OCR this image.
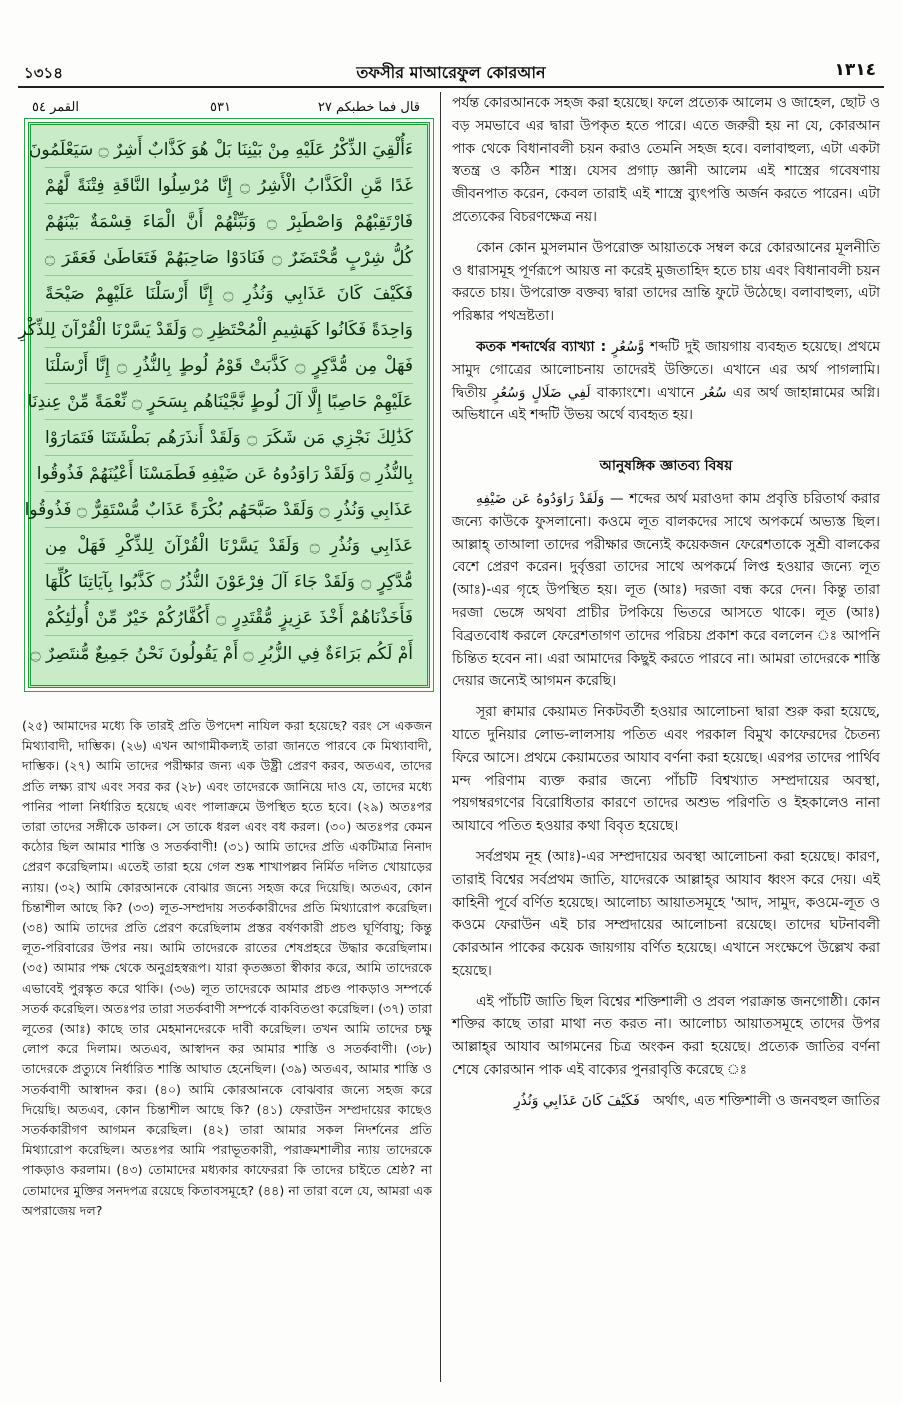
১৩১৪	তফসীর মাআরেফুল কোরআন	١٣١٤
القمر ٥٤	٥٣١	قال فما خطبكم ٢٧
ءَأُلْقِيَ الذِّكْرُ عَلَيْهِ مِنْ بَيْنِنَا بَلْ هُوَ كَذَّابٌ أَشِرٌ ۝ سَيَعْلَمُونَ
غَدًا مَّنِ الْكَذَّابُ الْأَشِرُ ۝ إِنَّا مُرْسِلُوا النَّاقَةِ فِتْنَةً لَّهُمْ
فَارْتَقِبْهُمْ وَاصْطَبِرْ ۝ وَنَبِّئْهُمْ أَنَّ الْمَاءَ قِسْمَةٌ بَيْنَهُمْ
كُلُّ شِرْبٍ مُّحْتَضَرٌ ۝ فَنَادَوْا صَاحِبَهُمْ فَتَعَاطَىٰ فَعَقَرَ ۝
فَكَيْفَ كَانَ عَذَابِي وَنُذُرِ ۝ إِنَّا أَرْسَلْنَا عَلَيْهِمْ صَيْحَةً
وَاحِدَةً فَكَانُوا كَهَشِيمِ الْمُحْتَظِرِ ۝ وَلَقَدْ يَسَّرْنَا الْقُرْآنَ لِلذِّكْرِ
فَهَلْ مِن مُّدَّكِرٍ ۝ كَذَّبَتْ قَوْمُ لُوطٍ بِالنُّذُرِ ۝ إِنَّا أَرْسَلْنَا
عَلَيْهِمْ حَاصِبًا إِلَّا آلَ لُوطٍ نَّجَّيْنَاهُم بِسَحَرٍ ۝ نِّعْمَةً مِّنْ عِندِنَا
كَذَٰلِكَ نَجْزِي مَن شَكَرَ ۝ وَلَقَدْ أَنذَرَهُم بَطْشَتَنَا فَتَمَارَوْا
بِالنُّذُرِ ۝ وَلَقَدْ رَاوَدُوهُ عَن ضَيْفِهِ فَطَمَسْنَا أَعْيُنَهُمْ فَذُوقُوا
عَذَابِي وَنُذُرِ ۝ وَلَقَدْ صَبَّحَهُم بُكْرَةً عَذَابٌ مُّسْتَقِرٌّ ۝ فَذُوقُوا
عَذَابِي وَنُذُرِ ۝ وَلَقَدْ يَسَّرْنَا الْقُرْآنَ لِلذِّكْرِ فَهَلْ مِن
مُّدَّكِرٍ ۝ وَلَقَدْ جَاءَ آلَ فِرْعَوْنَ النُّذُرُ ۝ كَذَّبُوا بِآيَاتِنَا كُلِّهَا
فَأَخَذْنَاهُمْ أَخْذَ عَزِيزٍ مُّقْتَدِرٍ ۝ أَكُفَّارُكُمْ خَيْرٌ مِّنْ أُولَٰئِكُمْ
أَمْ لَكُم بَرَاءَةٌ فِي الزُّبُرِ ۝ أَمْ يَقُولُونَ نَحْنُ جَمِيعٌ مُّنتَصِرٌ ۝

(২৫) আমাদের মধ্যে কি তারই প্রতি উপদেশ নাযিল করা হয়েছে? বরং সে একজন মিথ্যাবাদী, দাম্ভিক। (২৬) এখন আগামীকল্যই তারা জানতে পারবে কে মিথ্যাবাদী, দাম্ভিক। (২৭) আমি তাদের পরীক্ষার জন্য এক উষ্ট্রী প্রেরণ করব, অতএব, তাদের প্রতি লক্ষ্য রাখ এবং সবর কর (২৮) এবং তাদেরকে জানিয়ে দাও যে, তাদের মধ্যে পানির পালা নির্ধারিত হয়েছে এবং পালাক্রমে উপস্থিত হতে হবে। (২৯) অতঃপর তারা তাদের সঙ্গীকে ডাকল। সে তাকে ধরল এবং বধ করল। (৩০) অতঃপর কেমন কঠোর ছিল আমার শাস্তি ও সতর্কবাণী! (৩১) আমি তাদের প্রতি একটিমাত্র নিনাদ প্রেরণ করেছিলাম। এতেই তারা হয়ে গেল শুষ্ক শাখাপল্লব নির্মিত দলিত খোয়াড়ের ন্যায়। (৩২) আমি কোরআনকে বোঝার জন্যে সহজ করে দিয়েছি। অতএব, কোন চিন্তাশীল আছে কি? (৩৩) লূত-সম্প্রদায় সতর্ককারীদের প্রতি মিথ্যারোপ করেছিল। (৩৪) আমি তাদের প্রতি প্রেরণ করেছিলাম প্রস্তর বর্ষণকারী প্রচণ্ড ঘূর্ণিবায়ু; কিন্তু লূত-পরিবারের উপর নয়। আমি তাদেরকে রাতের শেষপ্রহরে উদ্ধার করেছিলাম। (৩৫) আমার পক্ষ থেকে অনুগ্রহস্বরূপ। যারা কৃতজ্ঞতা স্বীকার করে, আমি তাদেরকে এভাবেই পুরস্কৃত করে থাকি। (৩৬) লূত তাদেরকে আমার প্রচণ্ড পাকড়াও সম্পর্কে সতর্ক করেছিল। অতঃপর তারা সতর্কবাণী সম্পর্কে বাকবিতণ্ডা করেছিল। (৩৭) তারা লূতের (আঃ) কাছে তার মেহমানদেরকে দাবী করেছিল। তখন আমি তাদের চক্ষু লোপ করে দিলাম। অতএব, আস্বাদন কর আমার শাস্তি ও সতর্কবাণী। (৩৮) তাদেরকে প্রত্যুষে নির্ধারিত শাস্তি আঘাত হেনেছিল। (৩৯) অতএব, আমার শাস্তি ও সতর্কবাণী আস্বাদন কর। (৪০) আমি কোরআনকে বোঝবার জন্যে সহজ করে দিয়েছি। অতএব, কোন চিন্তাশীল আছে কি? (৪১) ফেরাউন সম্প্রদায়ের কাছেও সতর্ককারীগণ আগমন করেছিল। (৪২) তারা আমার সকল নিদর্শনের প্রতি মিথ্যারোপ করেছিল। অতঃপর আমি পরাভূতকারী, পরাক্রমশালীর ন্যায় তাদেরকে পাকড়াও করলাম। (৪৩) তোমাদের মধ্যকার কাফেররা কি তাদের চাইতে শ্রেষ্ঠ? না তোমাদের মুক্তির সনদপত্র রয়েছে কিতাবসমূহে? (৪৪) না তারা বলে যে, আমরা এক অপরাজেয় দল?

পর্যন্ত কোরআনকে সহজ করা হয়েছে। ফলে প্রত্যেক আলেম ও জাহেল, ছোট ও বড় সমভাবে এর দ্বারা উপকৃত হতে পারে। এতে জরুরী হয় না যে, কোরআন পাক থেকে বিধানাবলী চয়ন করাও তেমনি সহজ হবে। বলাবাহুল্য, এটা একটা স্বতন্ত্র ও কঠিন শাস্ত্র। যেসব প্রগাঢ় জ্ঞানী আলেম এই শাস্ত্রের গবেষণায় জীবনপাত করেন, কেবল তারাই এই শাস্ত্রে ব্যুৎপত্তি অর্জন করতে পারেন। এটা প্রত্যেকের বিচরণক্ষেত্র নয়।

কোন কোন মুসলমান উপরোক্ত আয়াতকে সম্বল করে কোরআনের মূলনীতি ও ধারাসমূহ পূর্ণরূপে আয়ত্ত না করেই মুজতাহিদ হতে চায় এবং বিধানাবলী চয়ন করতে চায়। উপরোক্ত বক্তব্য দ্বারা তাদের ভ্রান্তি ফুটে উঠেছে। বলাবাহুল্য, এটা পরিষ্কার পথভ্রষ্টতা।

কতক শব্দার্থের ব্যাখ্যা : وَّسُعُرٍ শব্দটি দুই জায়গায় ব্যবহৃত হয়েছে। প্রথমে সামুদ গোত্রের আলোচনায় তাদেরই উক্তিতে। এখানে এর অর্থ পাগলামি। দ্বিতীয় لَفِي ضَلَالٍ وَسُعُرٍ বাক্যাংশে। এখানে سُعُر এর অর্থ জাহান্নামের অগ্নি। অভিধানে এই শব্দটি উভয় অর্থে ব্যবহৃত হয়।

আনুষঙ্গিক জ্ঞাতব্য বিষয়

وَلَقَدْ رَاوَدُوهُ عَن ضَيْفِهِ — শব্দের অর্থ মরাওদা কাম প্রবৃত্তি চরিতার্থ করার জন্যে কাউকে ফুসলানো। কওমে লূত বালকদের সাথে অপকর্মে অভ্যস্ত ছিল। আল্লাহ্‌ তাআলা তাদের পরীক্ষার জন্যেই কয়েকজন ফেরেশতাকে সুশ্রী বালকের বেশে প্রেরণ করেন। দুর্বৃত্তরা তাদের সাথে অপকর্মে লিপ্ত হওয়ার জন্যে লূত (আঃ)-এর গৃহে উপস্থিত হয়। লূত (আঃ) দরজা বন্ধ করে দেন। কিন্তু তারা দরজা ভেঙ্গে অথবা প্রাচীর টপকিয়ে ভিতরে আসতে থাকে। লূত (আঃ) বিব্রতবোধ করলে ফেরেশতাগণ তাদের পরিচয় প্রকাশ করে বললেন ঃ আপনি চিন্তিত হবেন না। এরা আমাদের কিছুই করতে পারবে না। আমরা তাদেরকে শাস্তি দেয়ার জন্যেই আগমন করেছি।

সূরা ক্বামার কেয়ামত নিকটবর্তী হওয়ার আলোচনা দ্বারা শুরু করা হয়েছে, যাতে দুনিয়ার লোভ-লালসায় পতিত এবং পরকাল বিমুখ কাফেরদের চৈতন্য ফিরে আসে। প্রথমে কেয়ামতের আযাব বর্ণনা করা হয়েছে। এরপর তাদের পার্থিব মন্দ পরিণাম ব্যক্ত করার জন্যে পাঁচটি বিশ্বখ্যাত সম্প্রদায়ের অবস্থা, পয়গম্বরগণের বিরোধিতার কারণে তাদের অশুভ পরিণতি ও ইহকালেও নানা আযাবে পতিত হওয়ার কথা বিবৃত হয়েছে।

সর্বপ্রথম নূহ (আঃ)-এর সম্প্রদায়ের অবস্থা আলোচনা করা হয়েছে। কারণ, তারাই বিশ্বের সর্বপ্রথম জাতি, যাদেরকে আল্লাহ্‌র আযাব ধ্বংস করে দেয়। এই কাহিনী পূর্বে বর্ণিত হয়েছে। আলোচ্য আয়াতসমূহে 'আদ, সামুদ, কওমে-লূত ও কওমে ফেরাউন এই চার সম্প্রদায়ের আলোচনা রয়েছে। তাদের ঘটনাবলী কোরআন পাকের কয়েক জায়গায় বর্ণিত হয়েছে। এখানে সংক্ষেপে উল্লেখ করা হয়েছে।

এই পাঁচটি জাতি ছিল বিশ্বের শক্তিশালী ও প্রবল পরাক্রান্ত জনগোষ্ঠী। কোন শক্তির কাছে তারা মাথা নত করত না। আলোচ্য আয়াতসমূহে তাদের উপর আল্লাহ্‌র আযাব আগমনের চিত্র অংকন করা হয়েছে। প্রত্যেক জাতির বর্ণনা শেষে কোরআন পাক এই বাক্যের পুনরাবৃত্তি করেছে ঃ

فَكَيْفَ كَانَ عَذَابِي وَنُذُرِ অর্থাৎ, এত শক্তিশালী ও জনবহুল জাতির
